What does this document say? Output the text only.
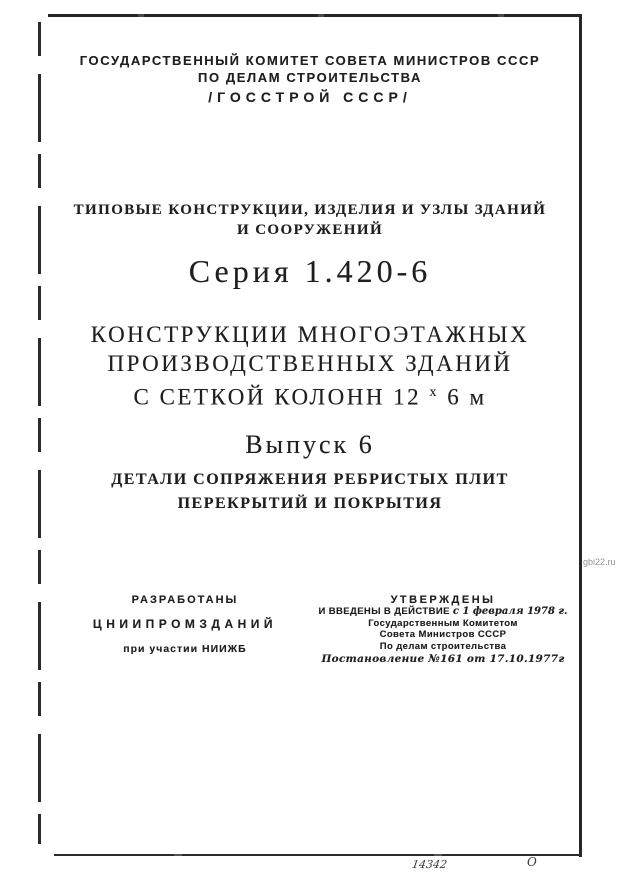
ГОСУДАРСТВЕННЫЙ КОМИТЕТ СОВЕТА МИНИСТРОВ СССР
ПО ДЕЛАМ СТРОИТЕЛЬСТВА
/ГОССТРОЙ СССР/
ТИПОВЫЕ КОНСТРУКЦИИ, ИЗДЕЛИЯ И УЗЛЫ ЗДАНИЙ
И СООРУЖЕНИЙ
Серия 1.420-6
КОНСТРУКЦИИ МНОГОЭТАЖНЫХ
ПРОИЗВОДСТВЕННЫХ ЗДАНИЙ
С СЕТКОЙ КОЛОНН 12 $^х$ 6 м
Выпуск 6
ДЕТАЛИ СОПРЯЖЕНИЯ РЕБРИСТЫХ ПЛИТ
ПЕРЕКРЫТИЙ И ПОКРЫТИЯ
РАЗРАБОТАНЫ
ЦНИИПРОМЗДАНИЙ
при участии НИИЖБ
УТВЕРЖДЕНЫ
И ВВЕДЕНЫ В ДЕЙСТВИЕ с 1 февраля 1978 г.
Государственным Комитетом
Совета Министров СССР
По делам строительства
Постановление №161 от 17.10.1977г
gbi22.ru
14342	О
